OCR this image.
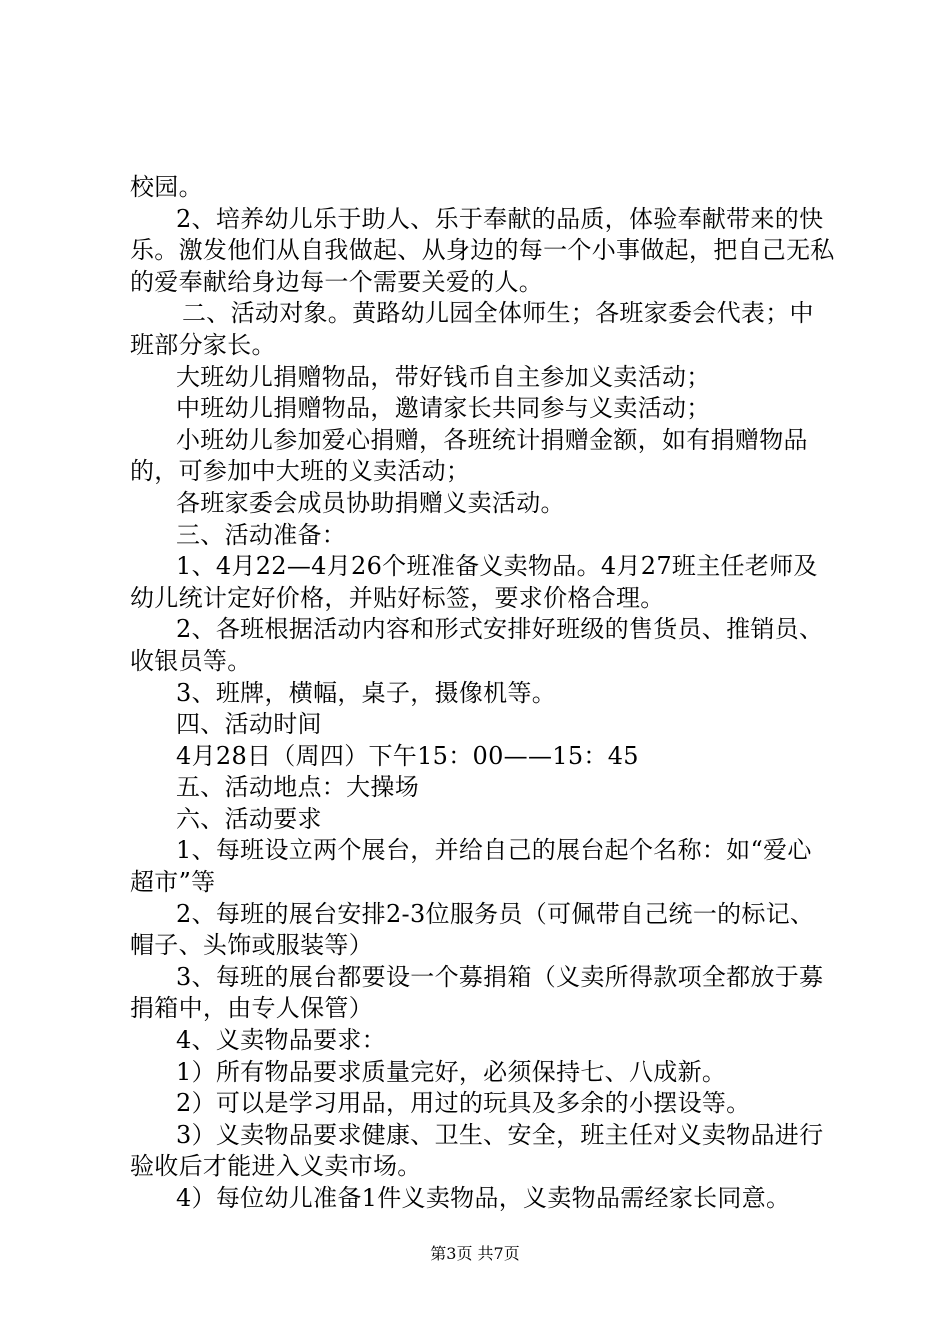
校园。

2、培养幼儿乐于助人、乐于奉献的品质，体验奉献带来的快乐。激发他们从自我做起、从身边的每一个小事做起，把自己无私的爱奉献给身边每一个需要关爱的人。

二、活动对象。黄路幼儿园全体师生；各班家委会代表；中班部分家长。

大班幼儿捐赠物品，带好钱币自主参加义卖活动；

中班幼儿捐赠物品，邀请家长共同参与义卖活动；

小班幼儿参加爱心捐赠，各班统计捐赠金额，如有捐赠物品的，可参加中大班的义卖活动；

各班家委会成员协助捐赠义卖活动。

三、活动准备：

1、4月22—4月26个班准备义卖物品。4月27班主任老师及幼儿统计定好价格，并贴好标签，要求价格合理。

2、各班根据活动内容和形式安排好班级的售货员、推销员、收银员等。

3、班牌，横幅，桌子，摄像机等。

四、活动时间

4月28日（周四）下午15：00——15：45

五、活动地点：大操场

六、活动要求

1、每班设立两个展台，并给自己的展台起个名称：如“爱心超市”等

2、每班的展台安排2-3位服务员（可佩带自己统一的标记、帽子、头饰或服装等）

3、每班的展台都要设一个募捐箱（义卖所得款项全都放于募捐箱中，由专人保管）

4、义卖物品要求：

1）所有物品要求质量完好，必须保持七、八成新。

2）可以是学习用品，用过的玩具及多余的小摆设等。

3）义卖物品要求健康、卫生、安全，班主任对义卖物品进行验收后才能进入义卖市场。

4）每位幼儿准备1件义卖物品，义卖物品需经家长同意。

第3页 共7页
